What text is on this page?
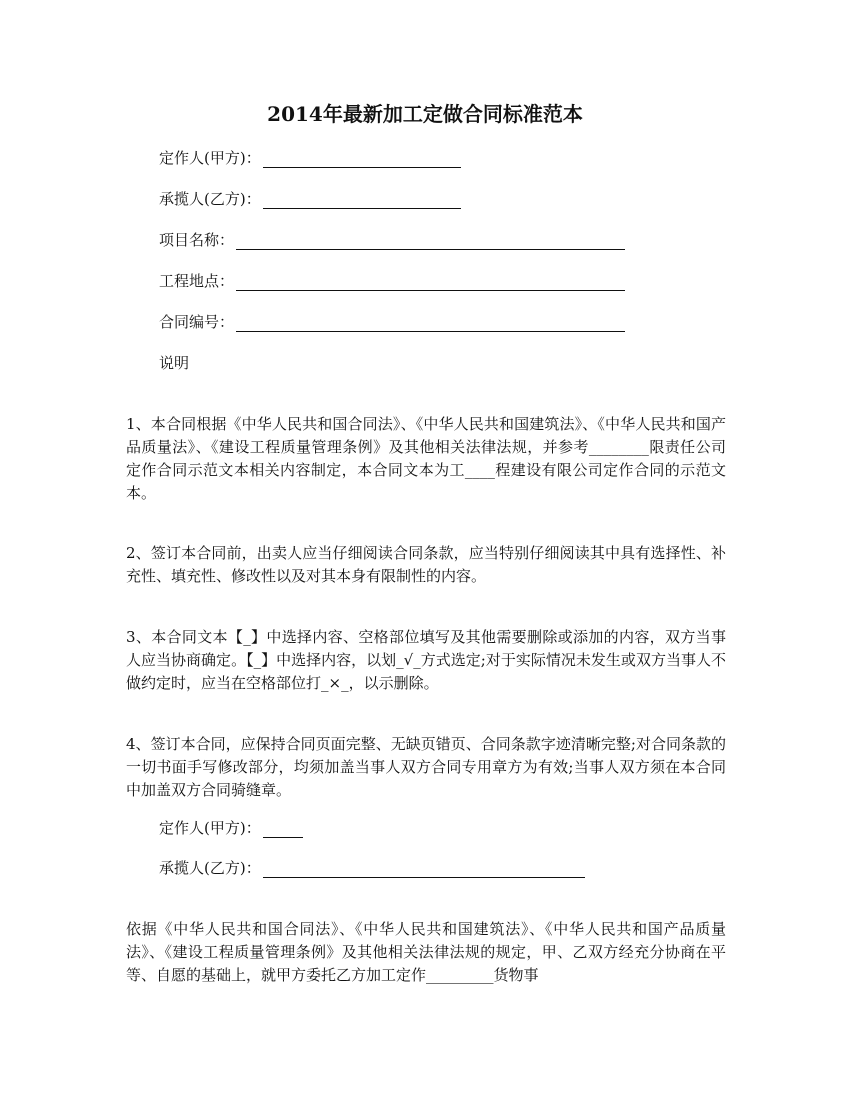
2014年最新加工定做合同标准范本
定作人(甲方)：
承揽人(乙方)：
项目名称：
工程地点：
合同编号：
说明
1、本合同根据《中华人民共和国合同法》、《中华人民共和国建筑法》、《中华人民共和国产品质量法》、《建设工程质量管理条例》及其他相关法律法规，并参考________限责任公司定作合同示范文本相关内容制定，本合同文本为工____程建设有限公司定作合同的示范文本。
2、签订本合同前，出卖人应当仔细阅读合同条款，应当特别仔细阅读其中具有选择性、补充性、填充性、修改性以及对其本身有限制性的内容。
3、本合同文本【_】中选择内容、空格部位填写及其他需要删除或添加的内容，双方当事人应当协商确定。【_】中选择内容，以划_√_方式选定;对于实际情况未发生或双方当事人不做约定时，应当在空格部位打_×_，以示删除。
4、签订本合同，应保持合同页面完整、无缺页错页、合同条款字迹清晰完整;对合同条款的一切书面手写修改部分，均须加盖当事人双方合同专用章方为有效;当事人双方须在本合同中加盖双方合同骑缝章。
定作人(甲方)：
承揽人(乙方)：
依据《中华人民共和国合同法》、《中华人民共和国建筑法》、《中华人民共和国产品质量法》、《建设工程质量管理条例》及其他相关法律法规的规定，甲、乙双方经充分协商在平等、自愿的基础上，就甲方委托乙方加工定作_________货物事
